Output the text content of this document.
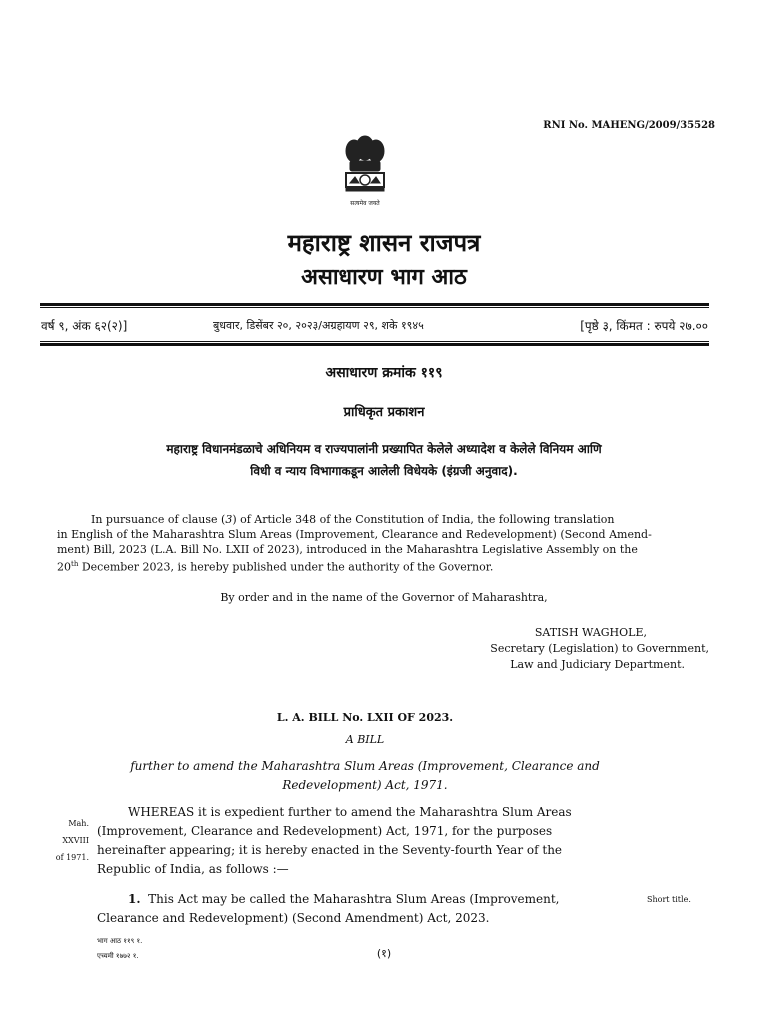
RNI No. MAHENG/2009/35528
सत्यमेव जयते
महाराष्ट्र शासन राजपत्र
असाधारण भाग आठ
वर्ष ९, अंक ६२(२)]	बुधवार, डिसेंबर २०, २०२३/अग्रहायण २९, शके १९४५	[पृष्ठे ३, किंमत : रुपये २७.००
असाधारण क्रमांक ११९
प्राधिकृत प्रकाशन
महाराष्ट्र विधानमंडळाचे अधिनियम व राज्यपालांनी प्रख्यापित केलेले अध्यादेश व केलेले विनियम आणि
विधी व न्याय विभागाकडून आलेली विधेयके (इंग्रजी अनुवाद).
In pursuance of clause (3) of Article 348 of the Constitution of India, the following translation
in English of the Maharashtra Slum Areas (Improvement, Clearance and Redevelopment) (Second Amend-
ment) Bill, 2023 (L.A. Bill No. LXII of 2023), introduced in the Maharashtra Legislative Assembly on the
20th December 2023, is hereby published under the authority of the Governor.
By order and in the name of the Governor of Maharashtra,
SATISH WAGHOLE,
Secretary (Legislation) to Government,
Law and Judiciary Department.
L. A. BILL No. LXII OF 2023.
A BILL
further to amend the Maharashtra Slum Areas (Improvement, Clearance and
Redevelopment) Act, 1971.
WHEREAS it is expedient further to amend the Maharashtra Slum Areas
(Improvement, Clearance and Redevelopment) Act, 1971, for the purposes
hereinafter appearing; it is hereby enacted in the Seventy-fourth Year of the
Republic of India, as follows :—
Mah.
XXVIII
of 1971.
1. This Act may be called the Maharashtra Slum Areas (Improvement,
Clearance and Redevelopment) (Second Amendment) Act, 2023.
Short title.
भाग आठ ११९ १.
एच्यमी १७७२ १.	(१)
